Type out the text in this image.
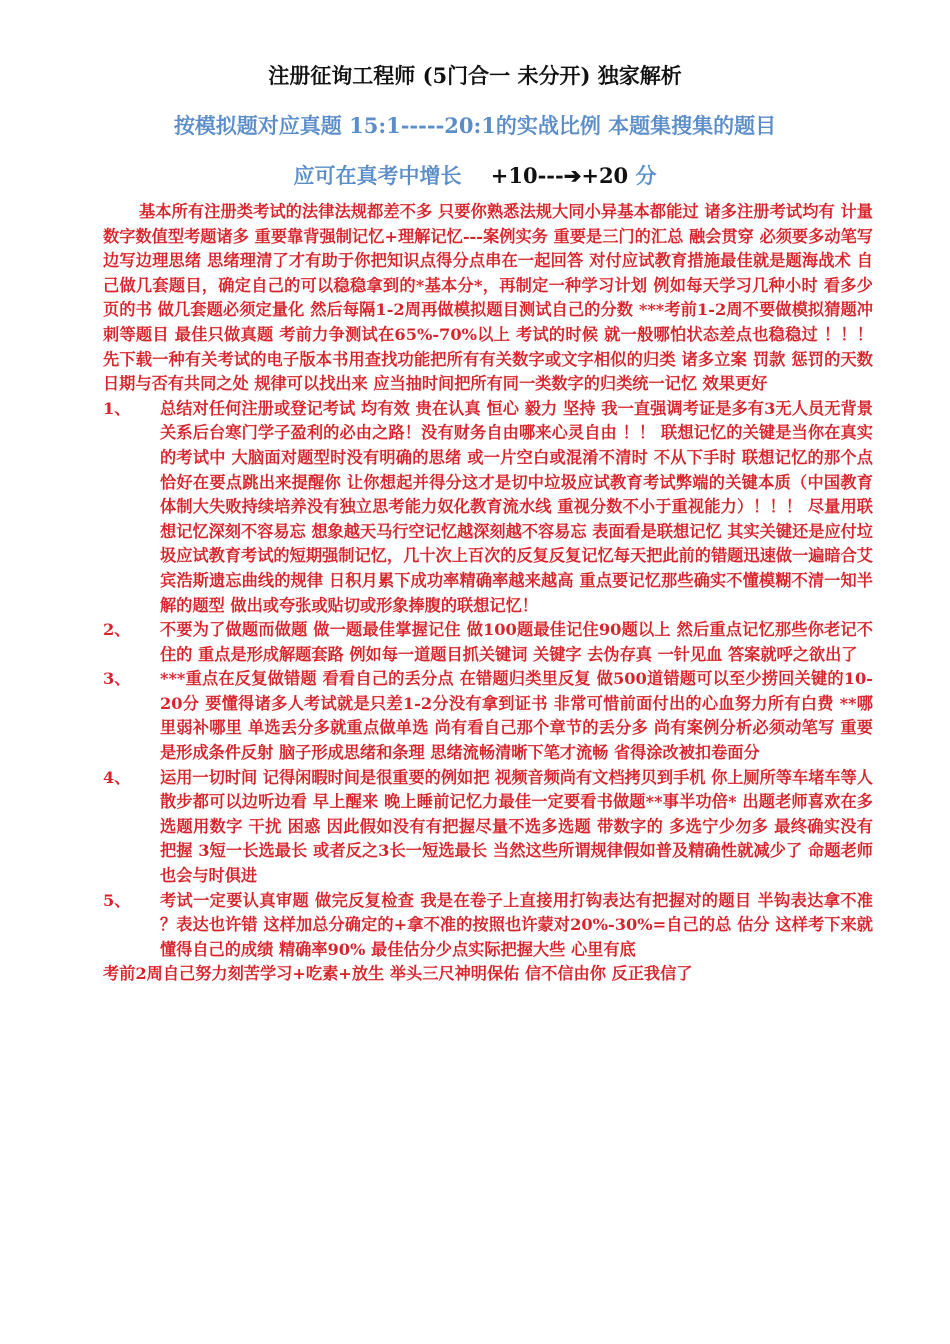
注册征询工程师 (5门合一 未分开) 独家解析
按模拟题对应真题 15:1-----20:1的实战比例 本题集搜集的题目
应可在真考中增长 +10---➔+20 分

基本所有注册类考试的法律法规都差不多 只要你熟悉法规大同小异基本都能过 诸多注册考试均有 计量数字数值型考题诸多 重要靠背强制记忆+理解记忆---案例实务 重要是三门的汇总 融会贯穿 必须要多动笔写 边写边理思绪 思绪理清了才有助于你把知识点得分点串在一起回答 对付应试教育措施最佳就是题海战术 自己做几套题目，确定自己的可以稳稳拿到的*基本分*，再制定一种学习计划 例如每天学习几种小时 看多少页的书 做几套题必须定量化 然后每隔1-2周再做模拟题目测试自己的分数 ***考前1-2周不要做模拟猜题冲刺等题目 最佳只做真题 考前力争测试在65%-70%以上 考试的时候 就一般哪怕状态差点也稳稳过 ！！！ 先下载一种有关考试的电子版本书用查找功能把所有有关数字或文字相似的归类 诸多立案 罚款 惩罚的天数 日期与否有共同之处 规律可以找出来 应当抽时间把所有同一类数字的归类统一记忆 效果更好

1、	总结对任何注册或登记考试 均有效 贵在认真 恒心 毅力 坚持 我一直强调考证是多有3无人员无背景关系后台寒门学子盈利的必由之路！没有财务自由哪来心灵自由 ！！ 联想记忆的关键是当你在真实的考试中 大脑面对题型时没有明确的思绪 或一片空白或混淆不清时 不从下手时 联想记忆的那个点恰好在要点跳出来提醒你 让你想起并得分这才是切中垃圾应试教育考试弊端的关键本质（中国教育体制大失败持续培养没有独立思考能力奴化教育流水线 重视分数不小于重视能力）！！！ 尽量用联想记忆深刻不容易忘 想象越天马行空记忆越深刻越不容易忘 表面看是联想记忆 其实关键还是应付垃圾应试教育考试的短期强制记忆，几十次上百次的反复反复记忆每天把此前的错题迅速做一遍暗合艾宾浩斯遗忘曲线的规律 日积月累下成功率精确率越来越高 重点要记忆那些确实不懂模糊不清一知半解的题型 做出或夸张或贴切或形象捧腹的联想记忆！
2、	不要为了做题而做题 做一题最佳掌握记住 做100题最佳记住90题以上 然后重点记忆那些你老记不住的 重点是形成解题套路 例如每一道题目抓关键词 关键字 去伪存真 一针见血 答案就呼之欲出了
3、	***重点在反复做错题 看看自己的丢分点 在错题归类里反复 做500道错题可以至少捞回关键的10-20分 要懂得诸多人考试就是只差1-2分没有拿到证书 非常可惜前面付出的心血努力所有白费 **哪里弱补哪里 单选丢分多就重点做单选 尚有看自己那个章节的丢分多 尚有案例分析必须动笔写 重要是形成条件反射 脑子形成思绪和条理 思绪流畅清晰下笔才流畅 省得涂改被扣卷面分
4、	运用一切时间 记得闲暇时间是很重要的例如把 视频音频尚有文档拷贝到手机 你上厕所等车堵车等人散步都可以边听边看 早上醒来 晚上睡前记忆力最佳一定要看书做题**事半功倍* 出题老师喜欢在多选题用数字 干扰 困惑 因此假如没有有把握尽量不选多选题 带数字的 多选宁少勿多 最终确实没有把握 3短一长选最长 或者反之3长一短选最长 当然这些所谓规律假如普及精确性就减少了 命题老师也会与时俱进
5、	考试一定要认真审题 做完反复检查 我是在卷子上直接用打钩表达有把握对的题目 半钩表达拿不准 ？表达也许错 这样加总分确定的+拿不准的按照也许蒙对20%-30%=自己的总 估分 这样考下来就懂得自己的成绩 精确率90% 最佳估分少点实际把握大些 心里有底

考前2周自己努力刻苦学习+吃素+放生 举头三尺神明保佑 信不信由你 反正我信了
